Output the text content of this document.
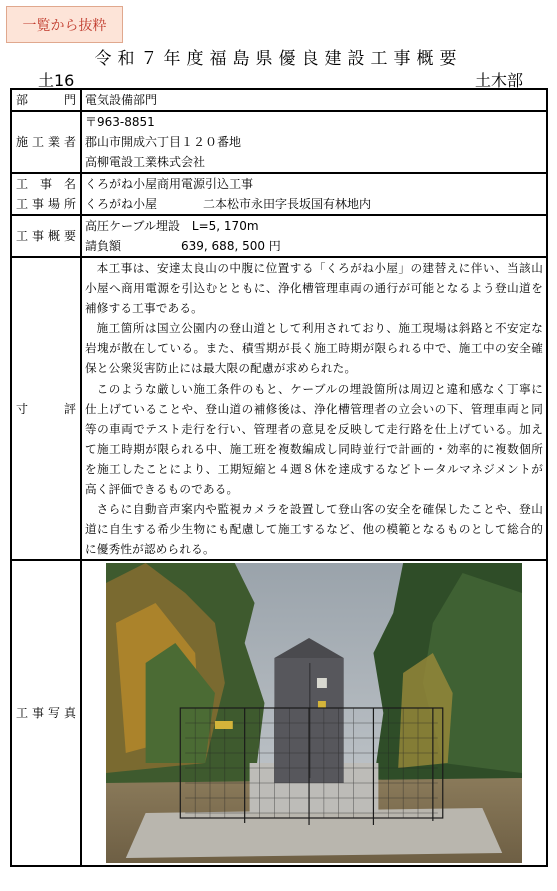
一覧から抜粋
令和７年度福島県優良建設工事概要
土16	土木部
部　　門	電気設備部門
施工業者	〒963-8851
郡山市開成六丁目１２０番地
高柳電設工業株式会社

工 事 名	くろがね小屋商用電源引込工事
工事場所	くろがね小屋 二本松市永田字長坂国有林地内
工事概要	高圧ケーブル埋設　L=5, 170m
請負額 639, 688, 500 円

寸　　評	本工事は、安達太良山の中腹に位置する「くろがね小屋」の建替えに伴い、当該山小屋へ商用電源を引込むとともに、浄化槽管理車両の通行が可能となるよう登山道を補修する工事である。

施工箇所は国立公園内の登山道として利用されており、施工現場は斜路と不安定な岩塊が散在している。また、積雪期が長く施工時期が限られる中で、施工中の安全確保と公衆災害防止には最大限の配慮が求められた。

このような厳しい施工条件のもと、ケーブルの埋設箇所は周辺と違和感なく丁寧に仕上げていることや、登山道の補修後は、浄化槽管理者の立会いの下、管理車両と同等の車両でテスト走行を行い、管理者の意見を反映して走行路を仕上げている。加えて施工時期が限られる中、施工班を複数編成し同時並行で計画的・効率的に複数個所を施工したことにより、工期短縮と４週８休を達成するなどトータルマネジメントが高く評価できるものである。

さらに自動音声案内や監視カメラを設置して登山客の安全を確保したことや、登山道に自生する希少生物にも配慮して施工するなど、他の模範となるものとして総合的に優秀性が認められる。

工事写真	
